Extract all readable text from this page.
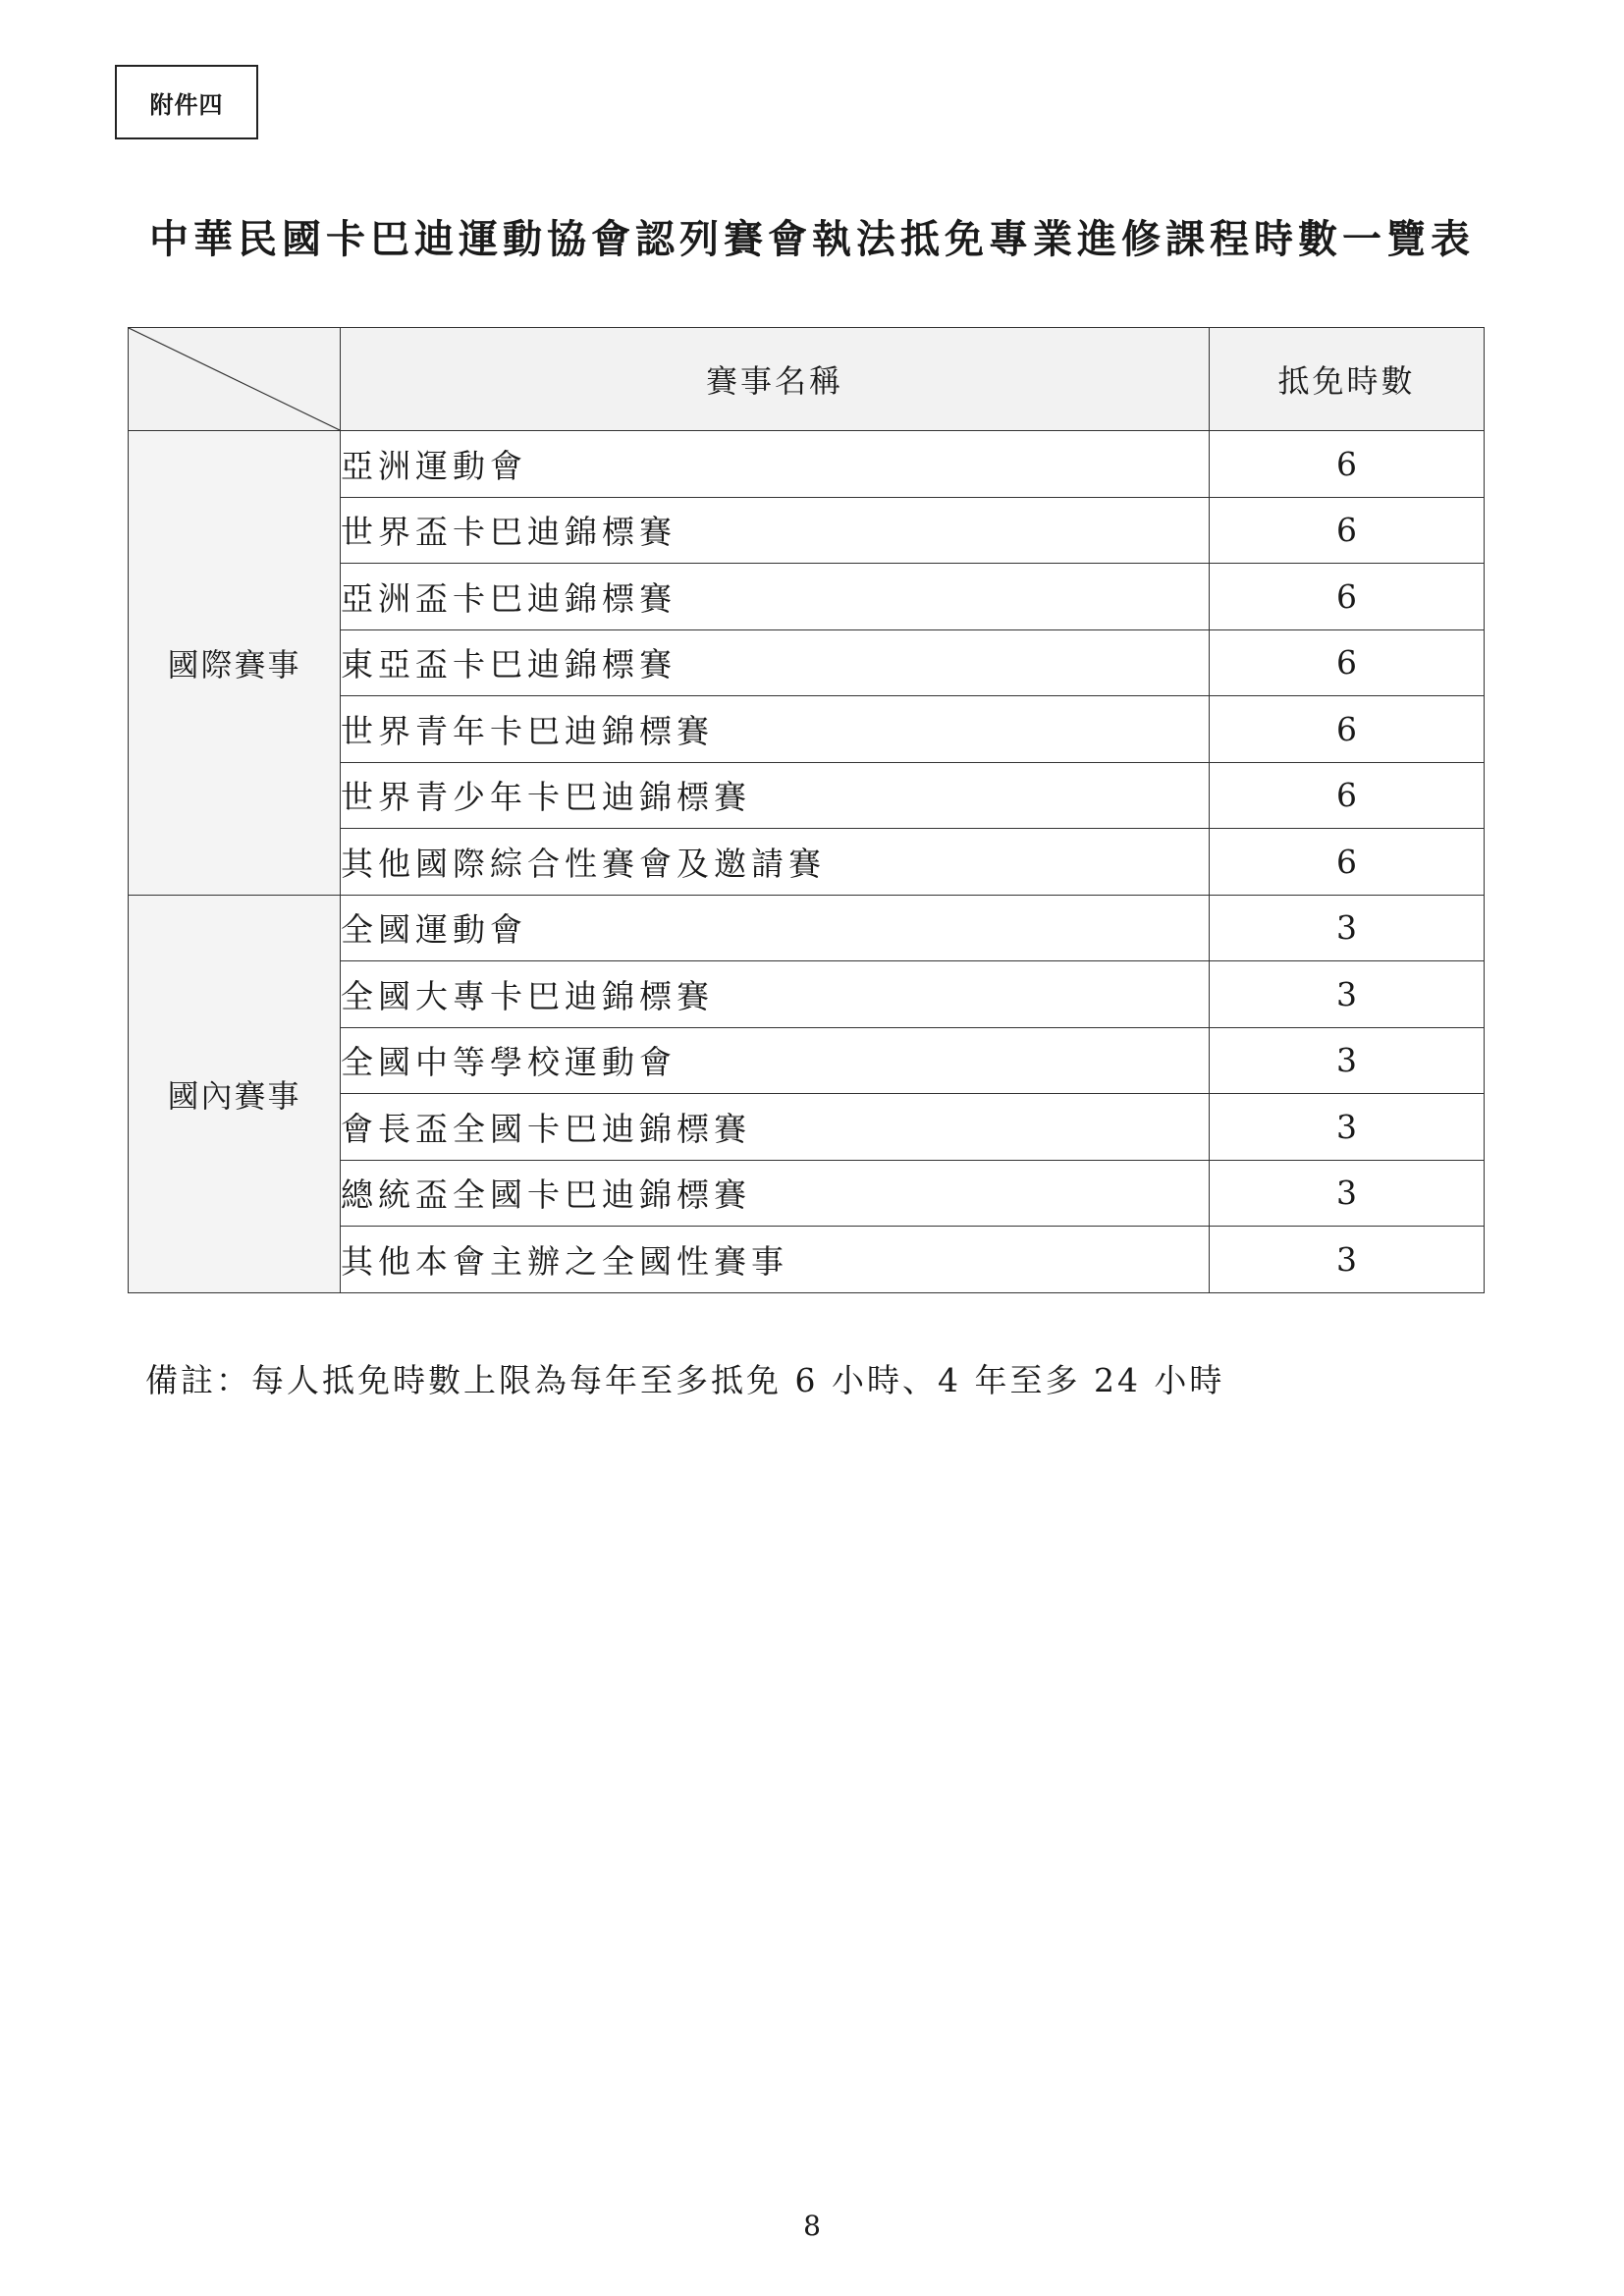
附件四
中華民國卡巴迪運動協會認列賽會執法抵免專業進修課程時數一覽表
	賽事名稱	抵免時數
國際賽事	亞洲運動會	6
	世界盃卡巴迪錦標賽	6
	亞洲盃卡巴迪錦標賽	6
	東亞盃卡巴迪錦標賽	6
	世界青年卡巴迪錦標賽	6
	世界青少年卡巴迪錦標賽	6
	其他國際綜合性賽會及邀請賽	6
國內賽事	全國運動會	3
	全國大專卡巴迪錦標賽	3
	全國中等學校運動會	3
	會長盃全國卡巴迪錦標賽	3
	總統盃全國卡巴迪錦標賽	3
	其他本會主辦之全國性賽事	3

備註：每人抵免時數上限為每年至多抵免 6 小時、4 年至多 24 小時

8
